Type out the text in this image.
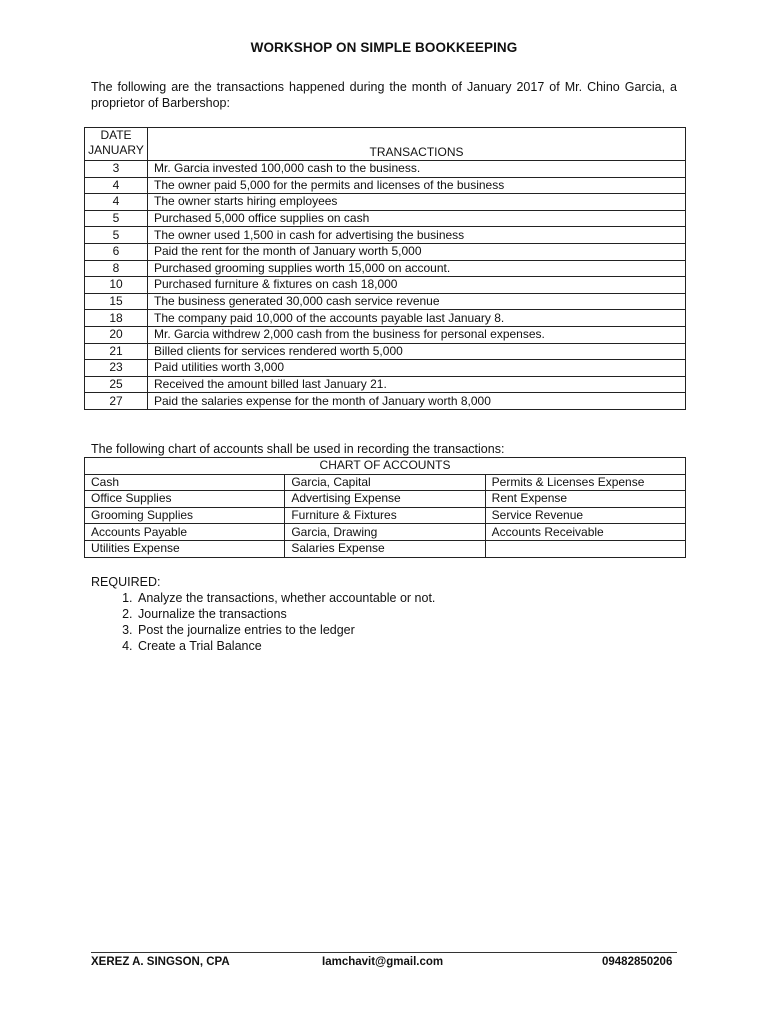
WORKSHOP ON SIMPLE BOOKKEEPING
The following are the transactions happened during the month of January 2017 of Mr. Chino Garcia, a proprietor of Barbershop:
DATE
JANUARY	TRANSACTIONS
3	Mr. Garcia invested 100,000 cash to the business.
4	The owner paid 5,000 for the permits and licenses of the business
4	The owner starts hiring employees
5	Purchased 5,000 office supplies on cash
5	The owner used 1,500 in cash for advertising the business
6	Paid the rent for the month of January worth 5,000
8	Purchased grooming supplies worth 15,000 on account.
10	Purchased furniture & fixtures on cash 18,000
15	The business generated 30,000 cash service revenue
18	The company paid 10,000 of the accounts payable last January 8.
20	Mr. Garcia withdrew 2,000 cash from the business for personal expenses.
21	Billed clients for services rendered worth 5,000
23	Paid utilities worth 3,000
25	Received the amount billed last January 21.
27	Paid the salaries expense for the month of January worth 8,000
The following chart of accounts shall be used in recording the transactions:
CHART OF ACCOUNTS		
Cash	Garcia, Capital	Permits & Licenses Expense
Office Supplies	Advertising Expense	Rent Expense
Grooming Supplies	Furniture & Fixtures	Service Revenue
Accounts Payable	Garcia, Drawing	Accounts Receivable
Utilities Expense	Salaries Expense	
REQUIRED:
1. Analyze the transactions, whether accountable or not.
2. Journalize the transactions
3. Post the journalize entries to the ledger
4. Create a Trial Balance
XEREZ A. SINGSON, CPA	Iamchavit@gmail.com	09482850206
